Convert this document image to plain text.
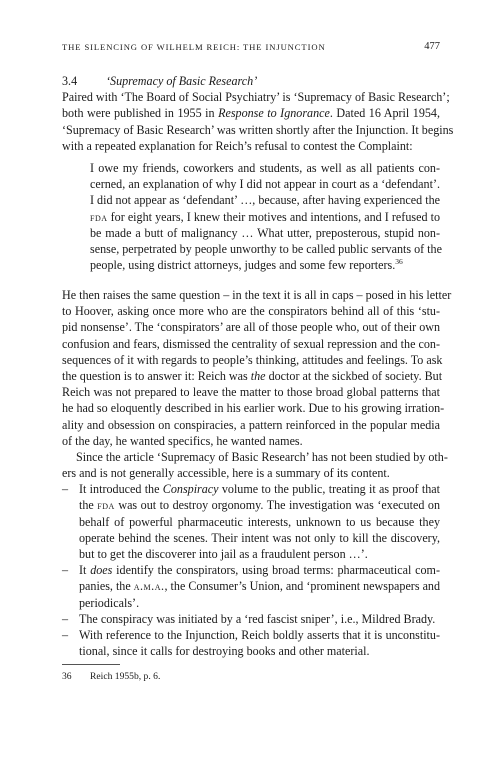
THE SILENCING OF WILHELM REICH: THE INJUNCTION	477
3.4 ‘Supremacy of Basic Research’
Paired with ‘The Board of Social Psychiatry’ is ‘Supremacy of Basic Research’;
both were published in 1955 in Response to Ignorance. Dated 16 April 1954,
‘Supremacy of Basic Research’ was written shortly after the Injunction. It begins
with a repeated explanation for Reich’s refusal to contest the Complaint:
I owe my friends, coworkers and students, as well as all patients con-
cerned, an explanation of why I did not appear in court as a ‘defendant’.
I did not appear as ‘defendant’ …, because, after having experienced the
fda for eight years, I knew their motives and intentions, and I refused to
be made a butt of malignancy … What utter, preposterous, stupid non-
sense, perpetrated by people unworthy to be called public servants of the
people, using district attorneys, judges and some few reporters.$^{36}$
He then raises the same question – in the text it is all in caps – posed in his letter
to Hoover, asking once more who are the conspirators behind all of this ‘stu-
pid nonsense’. The ‘conspirators’ are all of those people who, out of their own
confusion and fears, dismissed the centrality of sexual repression and the con-
sequences of it with regards to people’s thinking, attitudes and feelings. To ask
the question is to answer it: Reich was the doctor at the sickbed of society. But
Reich was not prepared to leave the matter to those broad global patterns that
he had so eloquently described in his earlier work. Due to his growing irration-
ality and obsession on conspiracies, a pattern reinforced in the popular media
of the day, he wanted specifics, he wanted names.
Since the article ‘Supremacy of Basic Research’ has not been studied by oth-
ers and is not generally accessible, here is a summary of its content.
– It introduced the Conspiracy volume to the public, treating it as proof that
the fda was out to destroy orgonomy. The investigation was ‘executed on
behalf of powerful pharmaceutic interests, unknown to us because they
operate behind the scenes. Their intent was not only to kill the discovery,
but to get the discoverer into jail as a fraudulent person …’.
– It does identify the conspirators, using broad terms: pharmaceutical com-
panies, the a.m.a., the Consumer’s Union, and ‘prominent newspapers and
periodicals’.
– The conspiracy was initiated by a ‘red fascist sniper’, i.e., Mildred Brady.
– With reference to the Injunction, Reich boldly asserts that it is unconstitu-
tional, since it calls for destroying books and other material.
36 Reich 1955b, p. 6.
